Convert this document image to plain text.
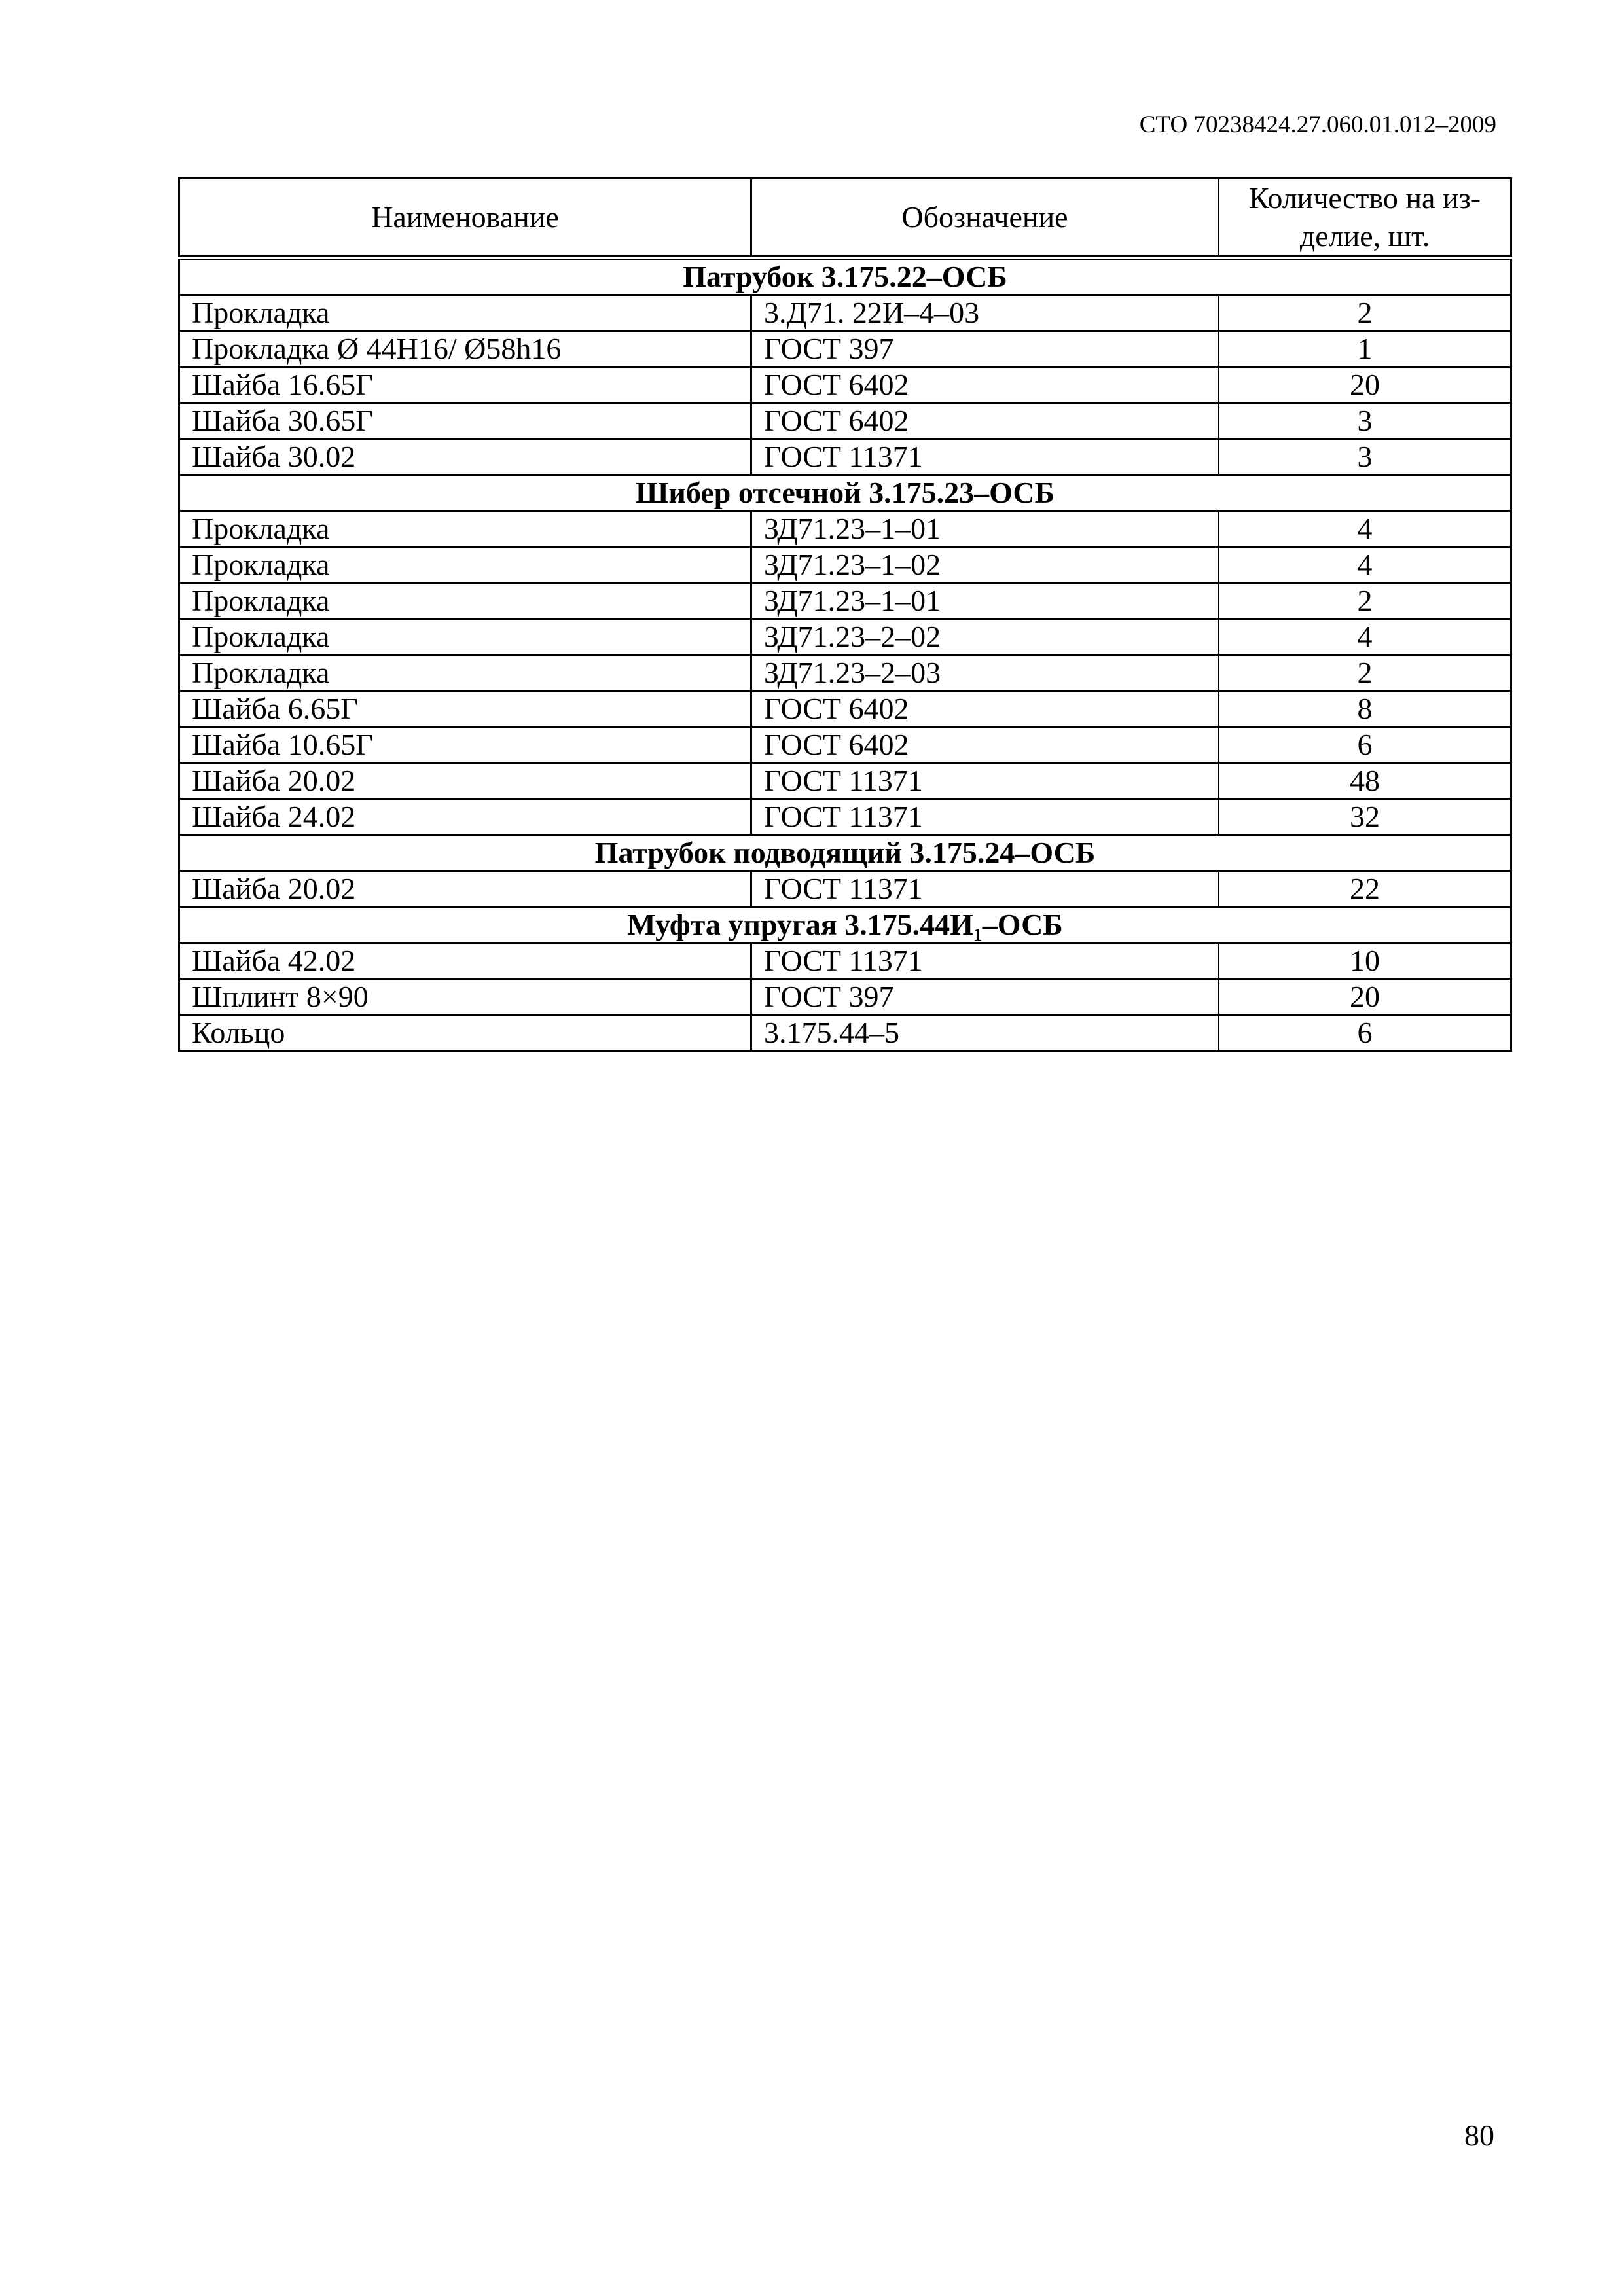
СТО 70238424.27.060.01.012–2009
Наименование	Обозначение	Количество на из-делие, шт.
Патрубок 3.175.22–ОСБ		
Прокладка	3.Д71. 22И–4–03	2
Прокладка Ø 44H16/ Ø58h16	ГОСТ 397	1
Шайба 16.65Г	ГОСТ 6402	20
Шайба 30.65Г	ГОСТ 6402	3
Шайба 30.02	ГОСТ 11371	3
Шибер отсечной 3.175.23–ОСБ		
Прокладка	ЗД71.23–1–01	4
Прокладка	ЗД71.23–1–02	4
Прокладка	ЗД71.23–1–01	2
Прокладка	ЗД71.23–2–02	4
Прокладка	ЗД71.23–2–03	2
Шайба 6.65Г	ГОСТ 6402	8
Шайба 10.65Г	ГОСТ 6402	6
Шайба 20.02	ГОСТ 11371	48
Шайба 24.02	ГОСТ 11371	32
Патрубок подводящий 3.175.24–ОСБ		
Шайба 20.02	ГОСТ 11371	22
Муфта упругая 3.175.44И₁–ОСБ		
Шайба 42.02	ГОСТ 11371	10
Шплинт 8×90	ГОСТ 397	20
Кольцо	3.175.44–5	6
80
